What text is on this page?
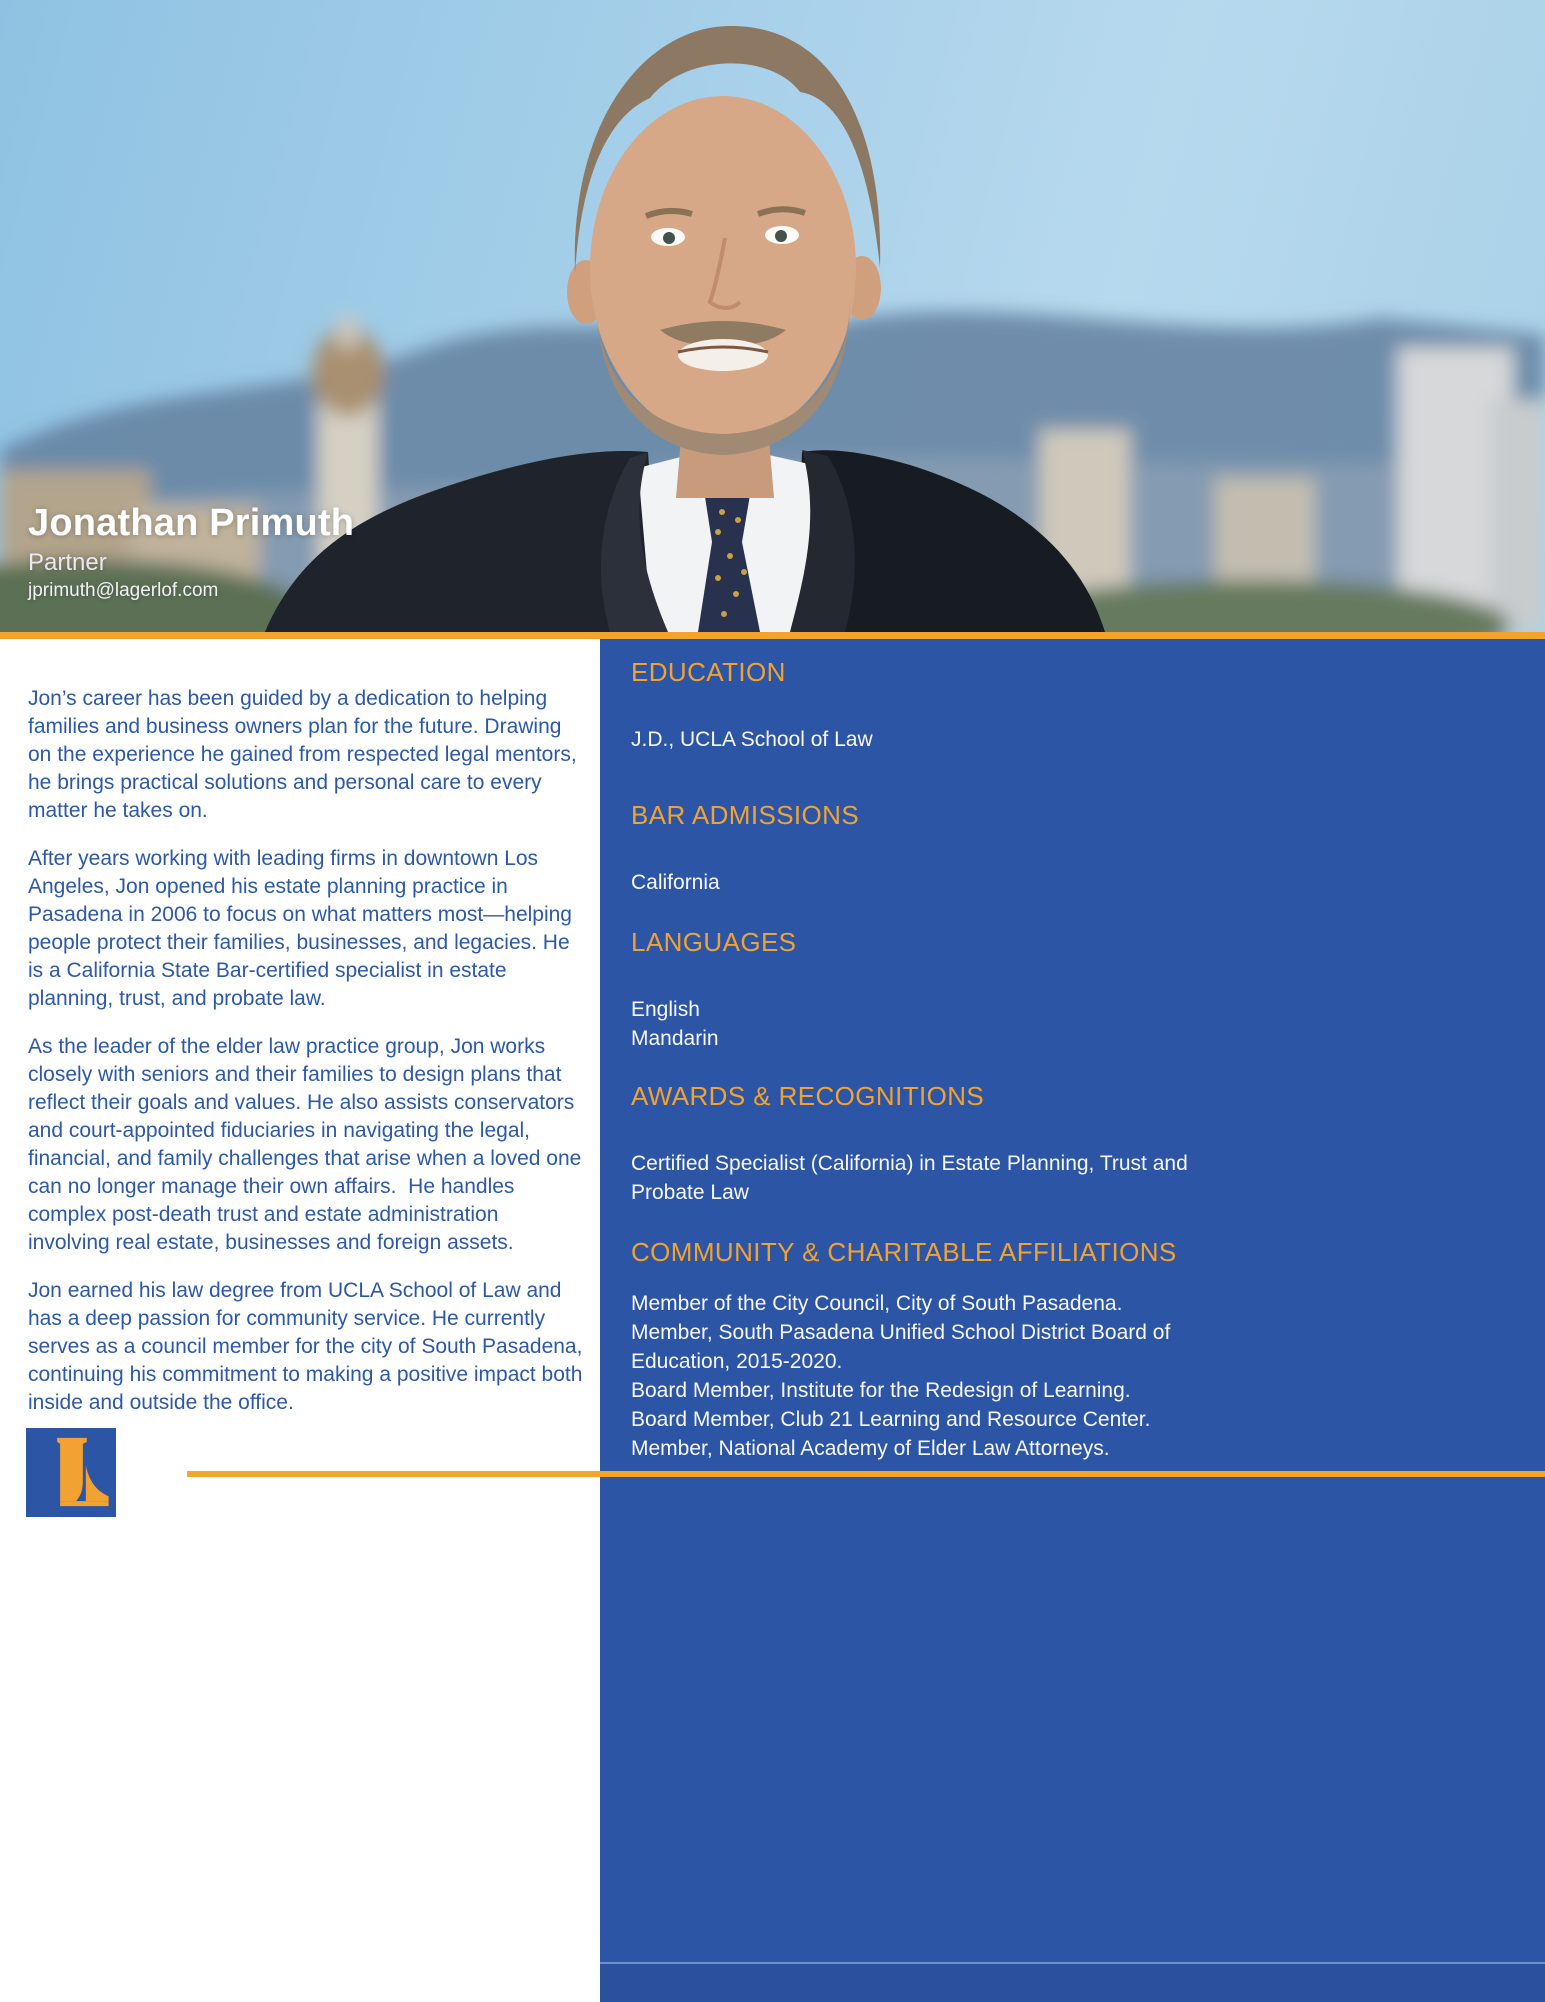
Jonathan Primuth
Partner
jprimuth@lagerlof.com

Jon’s career has been guided by a dedication to helping families and business owners plan for the future. Drawing on the experience he gained from respected legal mentors, he brings practical solutions and personal care to every matter he takes on.

After years working with leading firms in downtown Los Angeles, Jon opened his estate planning practice in Pasadena in 2006 to focus on what matters most—helping people protect their families, businesses, and legacies. He is a California State Bar-certified specialist in estate planning, trust, and probate law.

As the leader of the elder law practice group, Jon works closely with seniors and their families to design plans that reflect their goals and values. He also assists conservators and court-appointed fiduciaries in navigating the legal, financial, and family challenges that arise when a loved one can no longer manage their own affairs.  He handles complex post-death trust and estate administration involving real estate, businesses and foreign assets.

Jon earned his law degree from UCLA School of Law and has a deep passion for community service. He currently serves as a council member for the city of South Pasadena, continuing his commitment to making a positive impact both inside and outside the office.

EDUCATION
J.D., UCLA School of Law
BAR ADMISSIONS
California
LANGUAGES
English
Mandarin
AWARDS & RECOGNITIONS
Certified Specialist (California) in Estate Planning, Trust and
Probate Law
COMMUNITY & CHARITABLE AFFILIATIONS
Member of the City Council, City of South Pasadena.
Member, South Pasadena Unified School District Board of
Education, 2015-2020.
Board Member, Institute for the Redesign of Learning.
Board Member, Club 21 Learning and Resource Center.
Member, National Academy of Elder Law Attorneys.
